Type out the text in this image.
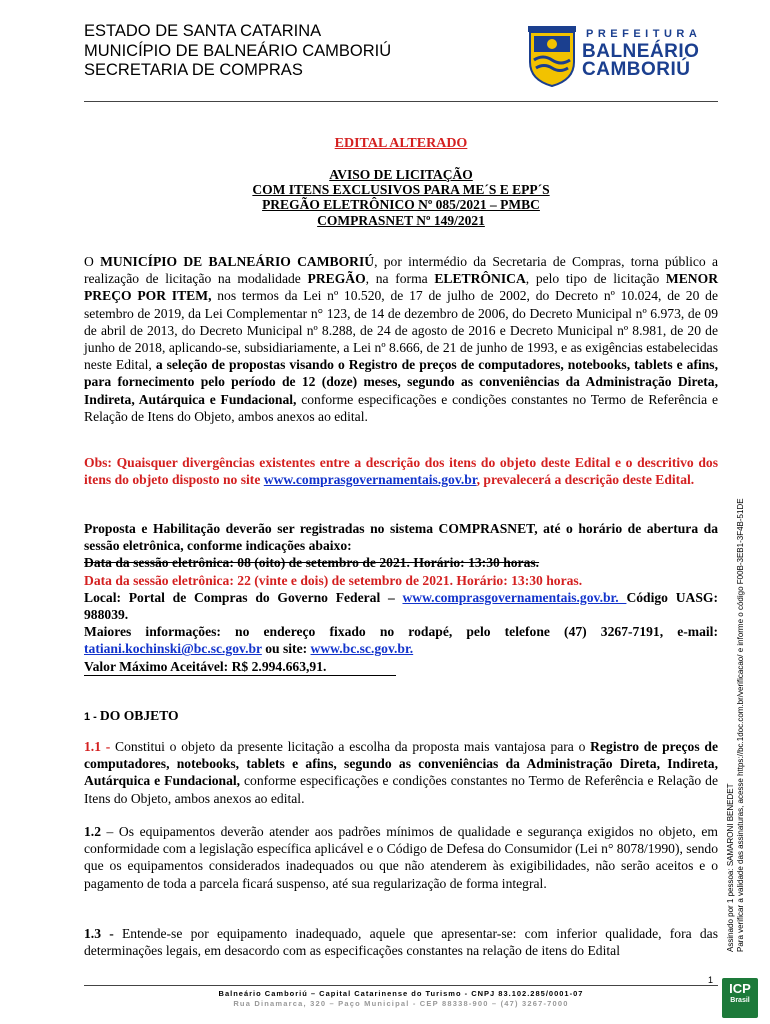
ESTADO DE SANTA CATARINA
MUNICÍPIO DE BALNEÁRIO CAMBORIÚ
SECRETARIA DE COMPRAS
PREFEITURA
BALNEÁRIO
CAMBORIÚ
EDITAL ALTERADO
AVISO DE LICITAÇÃO
COM ITENS EXCLUSIVOS PARA ME´S E EPP´S
PREGÃO ELETRÔNICO Nº 085/2021 – PMBC
COMPRASNET Nº 149/2021
O MUNICÍPIO DE BALNEÁRIO CAMBORIÚ, por intermédio da Secretaria de Compras, torna público a realização de licitação na modalidade PREGÃO, na forma ELETRÔNICA, pelo tipo de licitação MENOR PREÇO POR ITEM, nos termos da Lei nº 10.520, de 17 de julho de 2002, do Decreto nº 10.024, de 20 de setembro de 2019, da Lei Complementar n° 123, de 14 de dezembro de 2006, do Decreto Municipal nº 6.973, de 09 de abril de 2013, do Decreto Municipal nº 8.288, de 24 de agosto de 2016 e Decreto Municipal nº 8.981, de 20 de junho de 2018, aplicando-se, subsidiariamente, a Lei nº 8.666, de 21 de junho de 1993, e as exigências estabelecidas neste Edital, a seleção de propostas visando o Registro de preços de computadores, notebooks, tablets e afins, para fornecimento pelo período de 12 (doze) meses, segundo as conveniências da Administração Direta, Indireta, Autárquica e Fundacional, conforme especificações e condições constantes no Termo de Referência e Relação de Itens do Objeto, ambos anexos ao edital.
Obs: Quaisquer divergências existentes entre a descrição dos itens do objeto deste Edital e o descritivo dos itens do objeto disposto no site www.comprasgovernamentais.gov.br, prevalecerá a descrição deste Edital.
Proposta e Habilitação deverão ser registradas no sistema COMPRASNET, até o horário de abertura da sessão eletrônica, conforme indicações abaixo:
Data da sessão eletrônica: 08 (oito) de setembro de 2021. Horário: 13:30 horas.
Data da sessão eletrônica: 22 (vinte e dois) de setembro de 2021. Horário: 13:30 horas.
Local: Portal de Compras do Governo Federal – www.comprasgovernamentais.gov.br. Código UASG: 988039.
Maiores informações: no endereço fixado no rodapé, pelo telefone (47) 3267-7191, e-mail: tatiani.kochinski@bc.sc.gov.br ou site: www.bc.sc.gov.br.
Valor Máximo Aceitável: R$ 2.994.663,91.
1 - DO OBJETO
1.1 - Constitui o objeto da presente licitação a escolha da proposta mais vantajosa para o Registro de preços de computadores, notebooks, tablets e afins, segundo as conveniências da Administração Direta, Indireta, Autárquica e Fundacional, conforme especificações e condições constantes no Termo de Referência e Relação de Itens do Objeto, ambos anexos ao edital.
1.2 – Os equipamentos deverão atender aos padrões mínimos de qualidade e segurança exigidos no objeto, em conformidade com a legislação específica aplicável e o Código de Defesa do Consumidor (Lei n° 8078/1990), sendo que os equipamentos considerados inadequados ou que não atenderem às exigibilidades, não serão aceitos e o pagamento de toda a parcela ficará suspenso, até sua regularização de forma integral.
1.3 - Entende-se por equipamento inadequado, aquele que apresentar-se: com inferior qualidade, fora das determinações legais, em desacordo com as especificações constantes na relação de itens do Edital	Assinado por 1 pessoa: SAMARONI BENEDET Para verificar a validade das assinaturas, acesse https://bc.1doc.com.br/verificacao/ e informe o código F00B-3EB1-3F4B-51DE
1
Balneário Camboriú – Capital Catarinense do Turismo - CNPJ 83.102.285/0001-07
Rua Dinamarca, 320 – Paço Municipal - CEP 88338-900 – (47) 3267-7000
ICP
Brasil
